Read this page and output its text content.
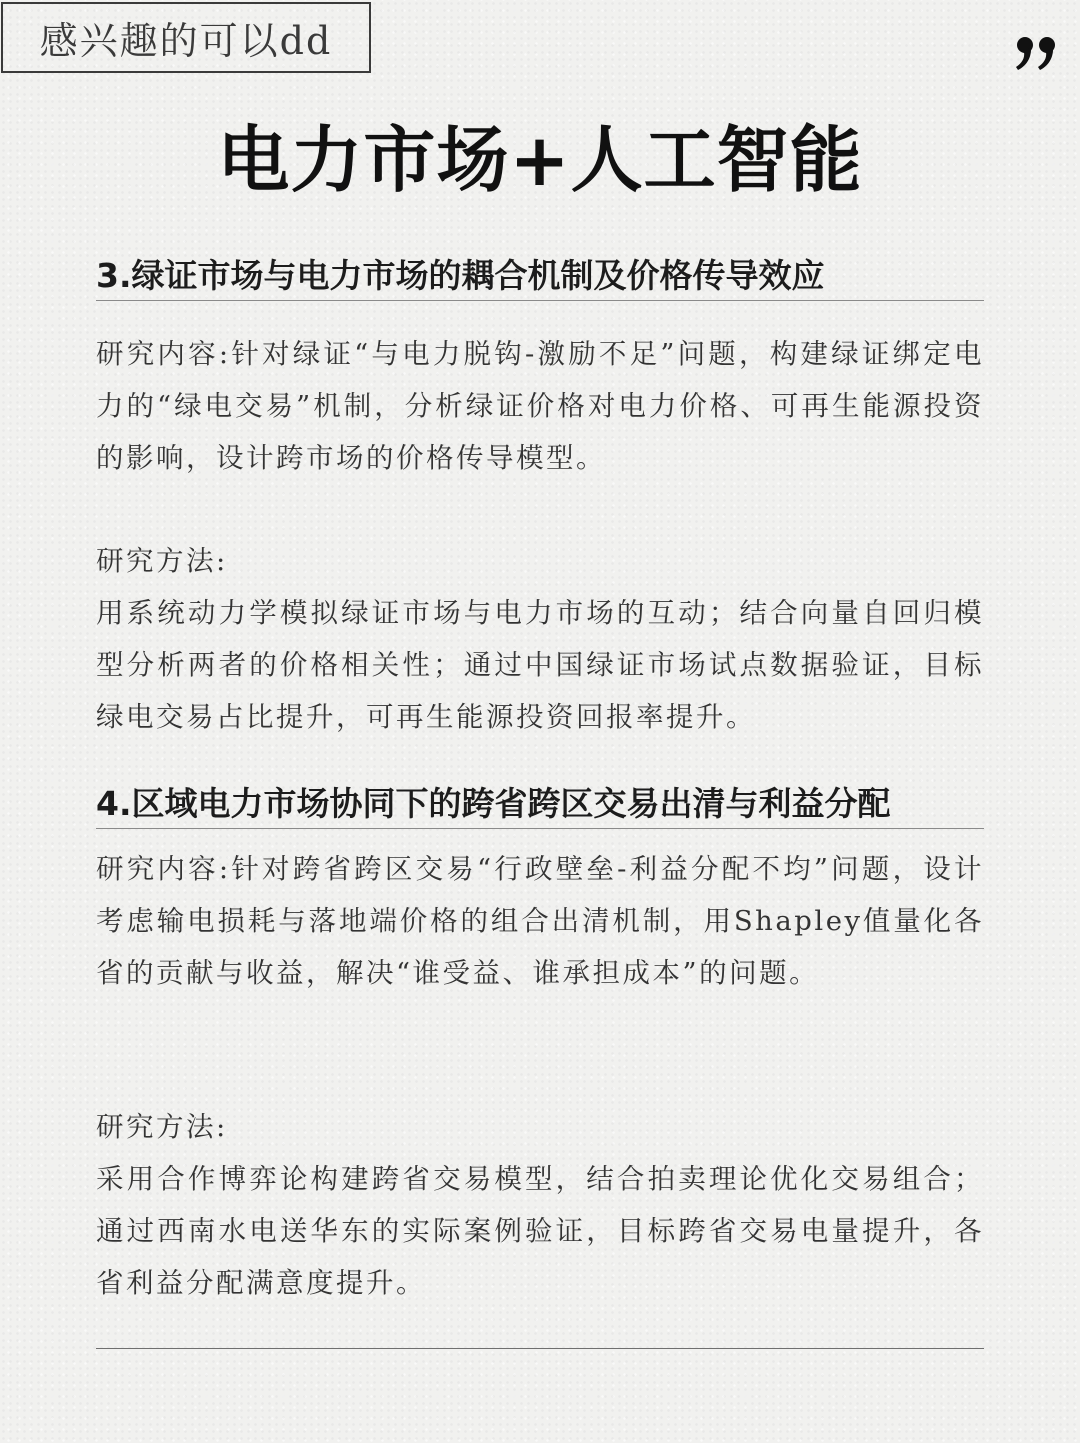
感兴趣的可以dd
电力市场+人工智能
3.绿证市场与电力市场的耦合机制及价格传导效应

研究内容:针对绿证“与电力脱钩-激励不足”问题，构建绿证绑定电力的“绿电交易”机制，分析绿证价格对电力价格、可再生能源投资的影响，设计跨市场的价格传导模型。

研究方法:

用系统动力学模拟绿证市场与电力市场的互动；结合向量自回归模型分析两者的价格相关性；通过中国绿证市场试点数据验证，目标绿电交易占比提升，可再生能源投资回报率提升。

4.区域电力市场协同下的跨省跨区交易出清与利益分配

研究内容:针对跨省跨区交易“行政壁垒-利益分配不均”问题，设计考虑输电损耗与落地端价格的组合出清机制，用Shapley值量化各省的贡献与收益，解决“谁受益、谁承担成本”的问题。

研究方法:

采用合作博弈论构建跨省交易模型，结合拍卖理论优化交易组合；通过西南水电送华东的实际案例验证，目标跨省交易电量提升，各省利益分配满意度提升。
